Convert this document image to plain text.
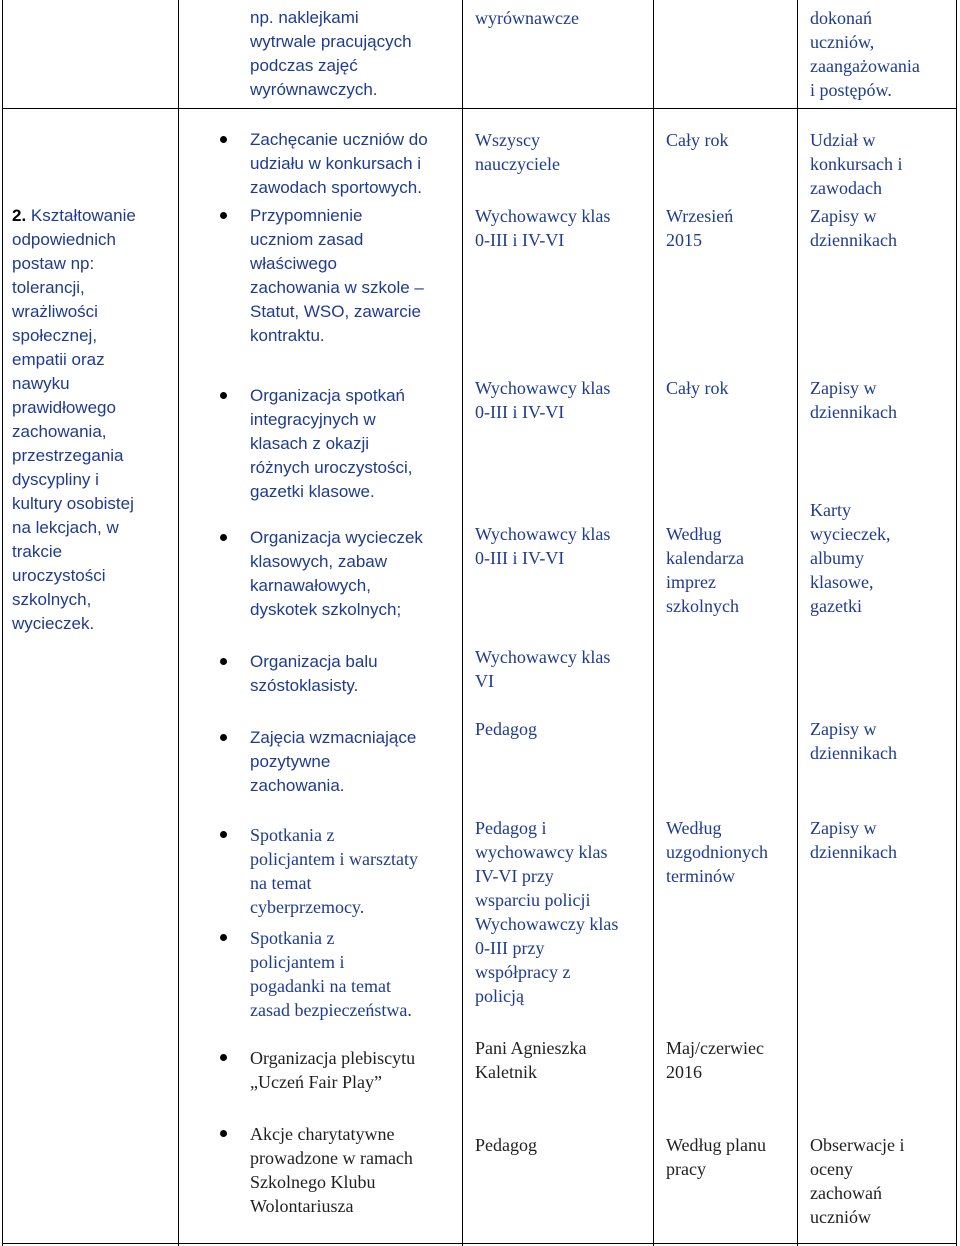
np. naklejkami
wytrwale pracujących
podczas zajęć
wyrównawczych.
wyrównawcze	dokonań
uczniów,
zaangażowania
i postępów.
2. Kształtowanie
odpowiednich
postaw np:
tolerancji,
wrażliwości
społecznej,
empatii oraz
nawyku
prawidłowego
zachowania,
przestrzegania
dyscypliny i
kultury osobistej
na lekcjach, w
trakcie
uroczystości
szkolnych,
wycieczek.
Zachęcanie uczniów do
udziału w konkursach i
zawodach sportowych.
Przypomnienie
uczniom zasad
właściwego
zachowania w szkole –
Statut, WSO, zawarcie
kontraktu.
Organizacja spotkań
integracyjnych w
klasach z okazji
różnych uroczystości,
gazetki klasowe.
Organizacja wycieczek
klasowych, zabaw
karnawałowych,
dyskotek szkolnych;
Organizacja balu
szóstoklasisty.
Zajęcia wzmacniające
pozytywne
zachowania.
Spotkania z
policjantem i warsztaty
na temat
cyberprzemocy.
Spotkania z
policjantem i
pogadanki na temat
zasad bezpieczeństwa.
Organizacja plebiscytu
„Uczeń Fair Play”
Akcje charytatywne
prowadzone w ramach
Szkolnego Klubu
Wolontariusza
Wszyscy
nauczyciele
Wychowawcy klas
0-III i IV-VI
Wychowawcy klas
0-III i IV-VI
Wychowawcy klas
0-III i IV-VI
Wychowawcy klas
VI
Pedagog
Pedagog i
wychowawcy klas
IV-VI przy
wsparciu policji
Wychowawczy klas
0-III przy
współpracy z
policją
Pani Agnieszka
Kaletnik
Pedagog
Cały rok
Wrzesień
2015
Cały rok
Według
kalendarza
imprez
szkolnych
Według
uzgodnionych
terminów
Maj/czerwiec
2016
Według planu
pracy
Udział w
konkursach i
zawodach
Zapisy w
dziennikach
Zapisy w
dziennikach
Karty
wycieczek,
albumy
klasowe,
gazetki
Zapisy w
dziennikach
Zapisy w
dziennikach
Obserwacje i
oceny
zachowań
uczniów
